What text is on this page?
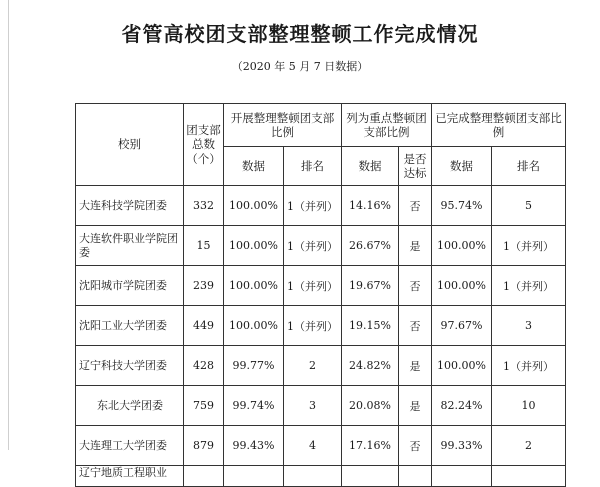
省管高校团支部整理整顿工作完成情况
（2020 年 5 月 7 日数据）
校别	团支部总数（个）	开展整理整顿团支部比例		列为重点整顿团支部比例		已完成整理整顿团支部比例	
		数据	排名	数据	是否达标	数据	排名
大连科技学院团委	332	100.00%	1（并列）	14.16%	否	95.74%	5
大连软件职业学院团委	15	100.00%	1（并列）	26.67%	是	100.00%	1（并列）
沈阳城市学院团委	239	100.00%	1（并列）	19.67%	否	100.00%	1（并列）
沈阳工业大学团委	449	100.00%	1（并列）	19.15%	否	97.67%	3
辽宁科技大学团委	428	99.77%	2	24.82%	是	100.00%	1（并列）
东北大学团委	759	99.74%	3	20.08%	是	82.24%	10
大连理工大学团委	879	99.43%	4	17.16%	否	99.33%	2
辽宁地质工程职业							
